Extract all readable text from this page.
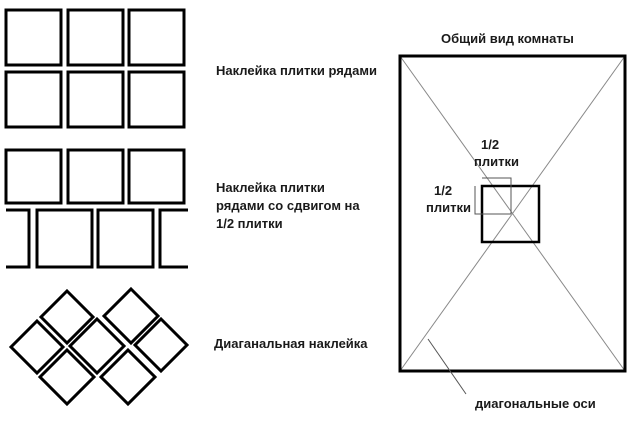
Наклейка плитки рядами
Наклейка плитки
рядами со сдвигом на
1/2 плитки
Диаганальная наклейка
Общий вид комнаты
1/2
плитки
1/2
плитки
диагональные оси
